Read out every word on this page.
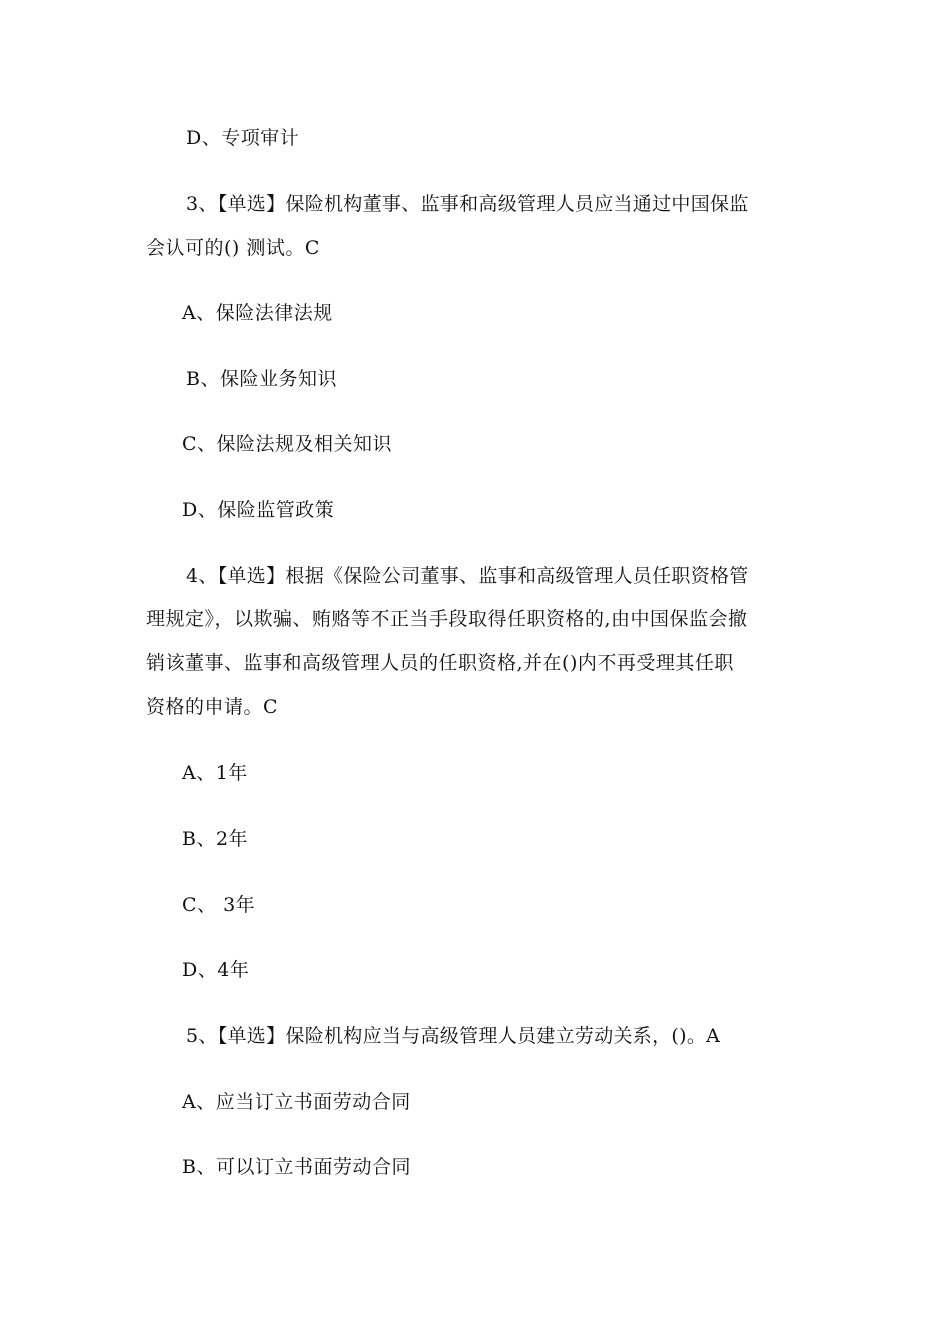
D、专项审计
3、【单选】保险机构董事、监事和高级管理人员应当通过中国保监
会认可的() 测试。C
A、保险法律法规
B、保险业务知识
C、保险法规及相关知识
D、保险监管政策
4、【单选】根据《保险公司董事、监事和高级管理人员任职资格管
理规定》，以欺骗、贿赂等不正当手段取得任职资格的,由中国保监会撤
销该董事、监事和高级管理人员的任职资格,并在()内不再受理其任职
资格的申请。C
A、1年
B、2年
C、 3年
D、4年
5、【单选】保险机构应当与高级管理人员建立劳动关系，()。A
A、应当订立书面劳动合同
B、可以订立书面劳动合同
